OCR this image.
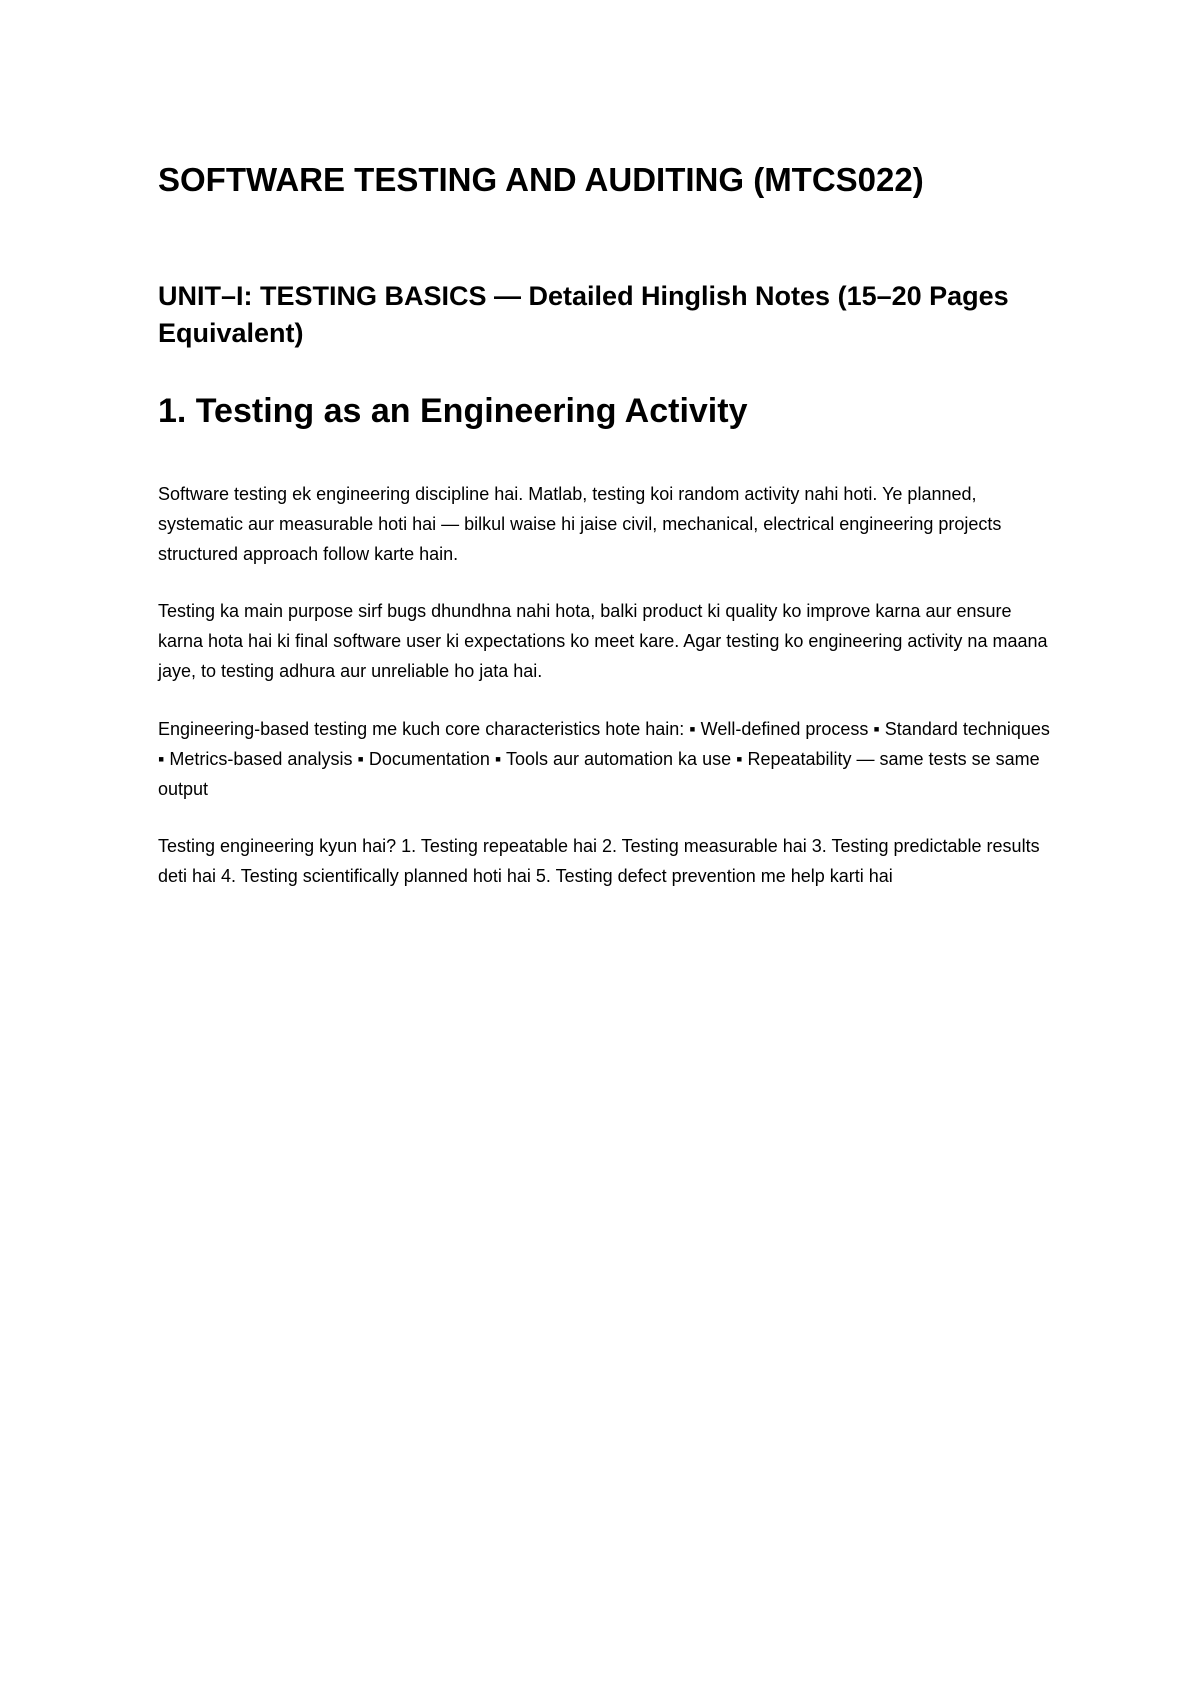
SOFTWARE TESTING AND AUDITING (MTCS022)
UNIT–I: TESTING BASICS — Detailed Hinglish Notes (15–20 Pages Equivalent)
1. Testing as an Engineering Activity

Software testing ek engineering discipline hai. Matlab, testing koi random activity nahi hoti. Ye planned, systematic aur measurable hoti hai — bilkul waise hi jaise civil, mechanical, electrical engineering projects structured approach follow karte hain.

Testing ka main purpose sirf bugs dhundhna nahi hota, balki product ki quality ko improve karna aur ensure karna hota hai ki final software user ki expectations ko meet kare. Agar testing ko engineering activity na maana jaye, to testing adhura aur unreliable ho jata hai.

Engineering-based testing me kuch core characteristics hote hain: ▪ Well-defined process ▪ Standard techniques ▪ Metrics-based analysis ▪ Documentation ▪ Tools aur automation ka use ▪ Repeatability — same tests se same output

Testing engineering kyun hai? 1. Testing repeatable hai 2. Testing measurable hai 3. Testing predictable results deti hai 4. Testing scientifically planned hoti hai 5. Testing defect prevention me help karti hai
